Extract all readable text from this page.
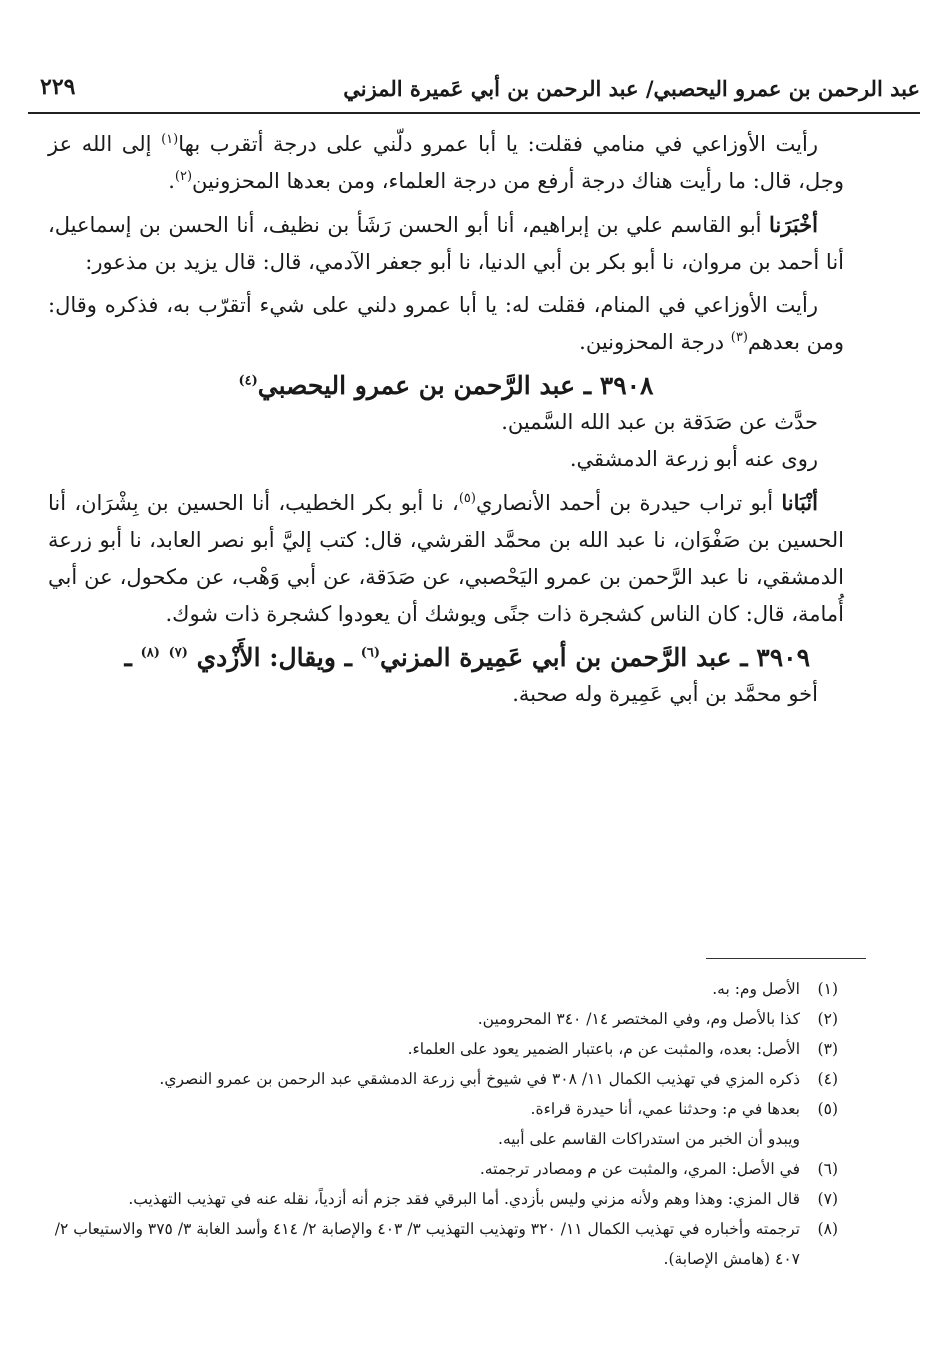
عبد الرحمن بن عمرو اليحصبي/ عبد الرحمن بن أبي عَميرة المزني
٢٢٩

رأيت الأوزاعي في منامي فقلت: يا أبا عمرو دلّني على درجة أتقرب بها$^{(١)}$ إلى الله عز وجل، قال: ما رأيت هناك درجة أرفع من درجة العلماء، ومن بعدها المحزونين$^{(٢)}$.

أخْبَرَنا أبو القاسم علي بن إبراهيم، أنا أبو الحسن رَشَأ بن نظيف، أنا الحسن بن إسماعيل، أنا أحمد بن مروان، نا أبو بكر بن أبي الدنيا، نا أبو جعفر الآدمي، قال: قال يزيد بن مذعور:

رأيت الأوزاعي في المنام، فقلت له: يا أبا عمرو دلني على شيء أتقرّب به، فذكره وقال: ومن بعدهم$^{(٣)}$ درجة المحزونين.

٣٩٠٨ ـ عبد الرَّحمن بن عمرو اليحصبي$^{(٤)}$

حدَّث عن صَدَقة بن عبد الله السَّمين.

روى عنه أبو زرعة الدمشقي.

أنْبَانا أبو تراب حيدرة بن أحمد الأنصاري$^{(٥)}$، نا أبو بكر الخطيب، أنا الحسين بن بِشْرَان، أنا الحسين بن صَفْوَان، نا عبد الله بن محمَّد القرشي، قال: كتب إليَّ أبو نصر العابد، نا أبو زرعة الدمشقي، نا عبد الرَّحمن بن عمرو اليَحْصبي، عن صَدَقة، عن أبي وَهْب، عن مكحول، عن أبي أُمامة، قال: كان الناس كشجرة ذات جنًى ويوشك أن يعودوا كشجرة ذات شوك.

٣٩٠٩ ـ عبد الرَّحمن بن أبي عَمِيرة المزني$^{(٦)}$ ـ ويقال: الأَزْدي $^{(٧)}$ $^{(٨)}$ ـ

أخو محمَّد بن أبي عَمِيرة وله صحبة.

(١)
الأصل وم: به.
(٢)
كذا بالأصل وم، وفي المختصر ١٤/ ٣٤٠ المحرومين.
(٣)
الأصل: بعده، والمثبت عن م، باعتبار الضمير يعود على العلماء.
(٤)
ذكره المزي في تهذيب الكمال ١١/ ٣٠٨ في شيوخ أبي زرعة الدمشقي عبد الرحمن بن عمرو النصري.
(٥)
بعدها في م: وحدثنا عمي، أنا حيدرة قراءة.
ويبدو أن الخبر من استدراكات القاسم على أبيه.
(٦)
في الأصل: المري، والمثبت عن م ومصادر ترجمته.
(٧)
قال المزي: وهذا وهم ولأنه مزني وليس بأزدي. أما البرقي فقد جزم أنه أزدياً، نقله عنه في تهذيب التهذيب.
(٨)
ترجمته وأخباره في تهذيب الكمال ١١/ ٣٢٠ وتهذيب التهذيب ٣/ ٤٠٣ والإصابة ٢/ ٤١٤ وأسد الغابة ٣/ ٣٧٥ والاستيعاب ٢/ ٤٠٧ (هامش الإصابة).
